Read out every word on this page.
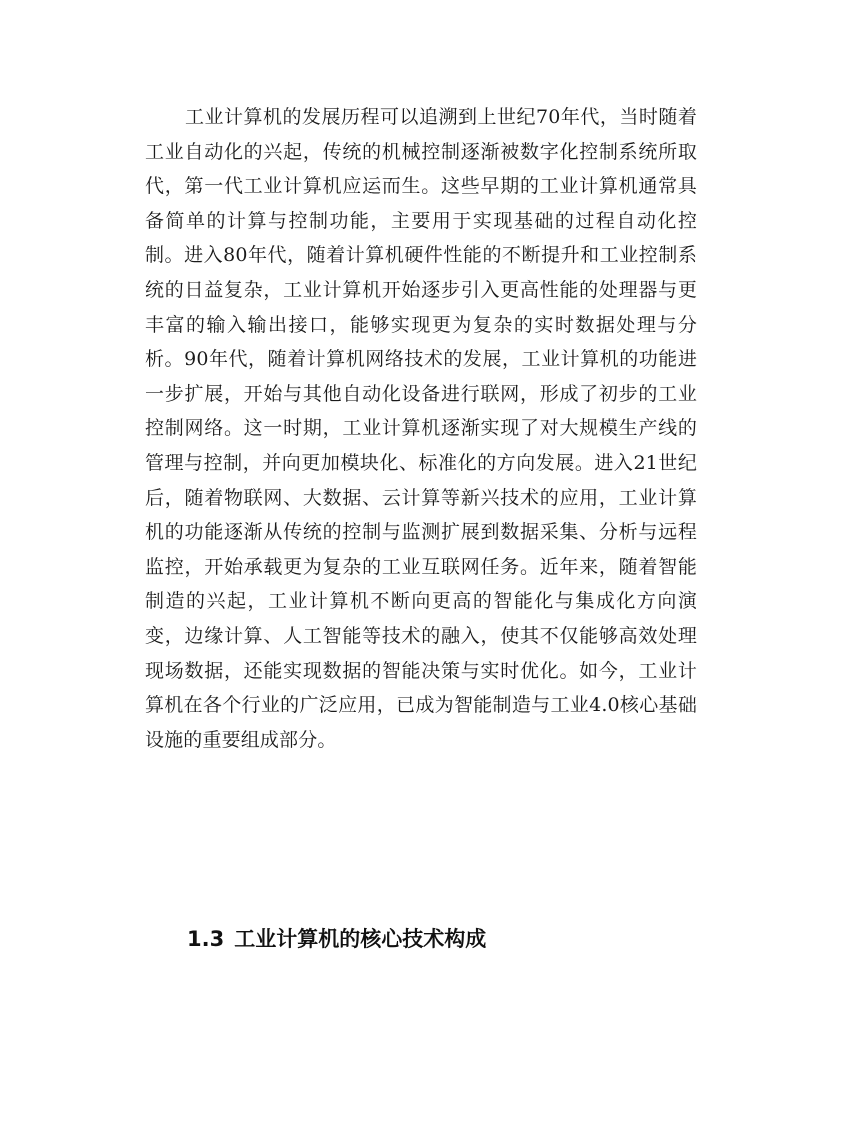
工业计算机的发展历程可以追溯到上世纪70年代，当时随着工业自动化的兴起，传统的机械控制逐渐被数字化控制系统所取代，第一代工业计算机应运而生。这些早期的工业计算机通常具备简单的计算与控制功能，主要用于实现基础的过程自动化控制。进入80年代，随着计算机硬件性能的不断提升和工业控制系统的日益复杂，工业计算机开始逐步引入更高性能的处理器与更丰富的输入输出接口，能够实现更为复杂的实时数据处理与分析。90年代，随着计算机网络技术的发展，工业计算机的功能进一步扩展，开始与其他自动化设备进行联网，形成了初步的工业控制网络。这一时期，工业计算机逐渐实现了对大规模生产线的管理与控制，并向更加模块化、标准化的方向发展。进入21世纪后，随着物联网、大数据、云计算等新兴技术的应用，工业计算机的功能逐渐从传统的控制与监测扩展到数据采集、分析与远程监控，开始承载更为复杂的工业互联网任务。近年来，随着智能制造的兴起，工业计算机不断向更高的智能化与集成化方向演变，边缘计算、人工智能等技术的融入，使其不仅能够高效处理现场数据，还能实现数据的智能决策与实时优化。如今，工业计算机在各个行业的广泛应用，已成为智能制造与工业4.0核心基础设施的重要组成部分。

1.3 工业计算机的核心技术构成
